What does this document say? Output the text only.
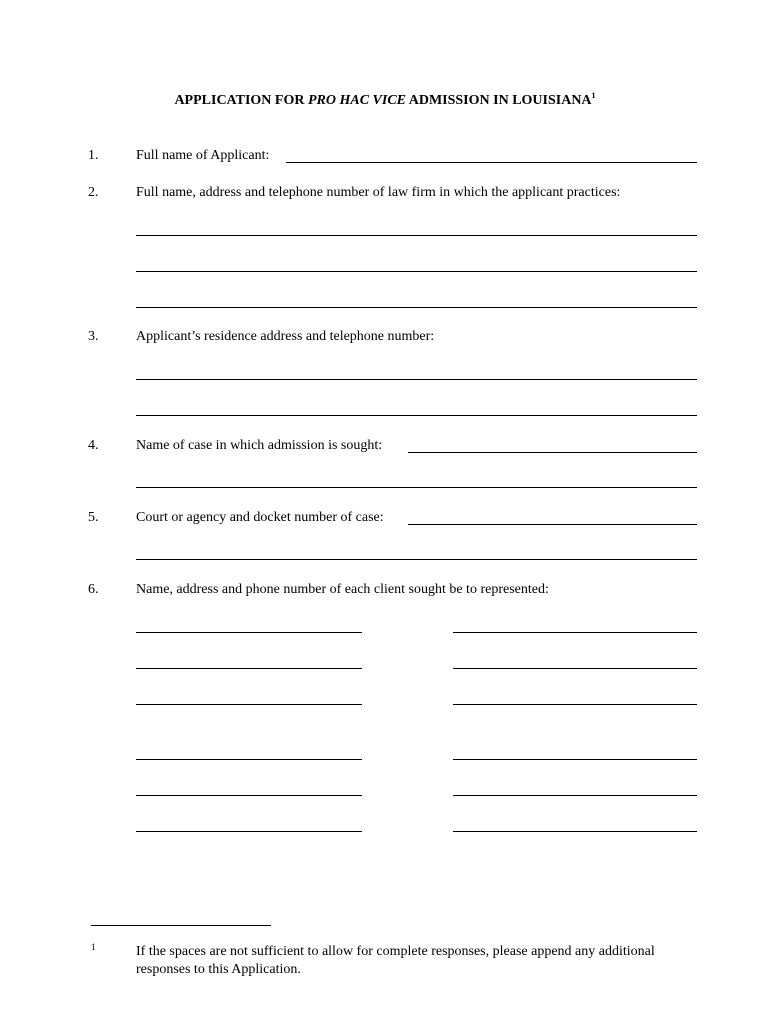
APPLICATION FOR PRO HAC VICE ADMISSION IN LOUISIANA$^1$
1.	Full name of Applicant:
2.	Full name, address and telephone number of law firm in which the applicant practices:
3.	Applicant’s residence address and telephone number:
4.	Name of case in which admission is sought:
5.	Court or agency and docket number of case:
6.	Name, address and phone number of each client sought be to represented:
1	If the spaces are not sufficient to allow for complete responses, please append any additional responses to this Application.
